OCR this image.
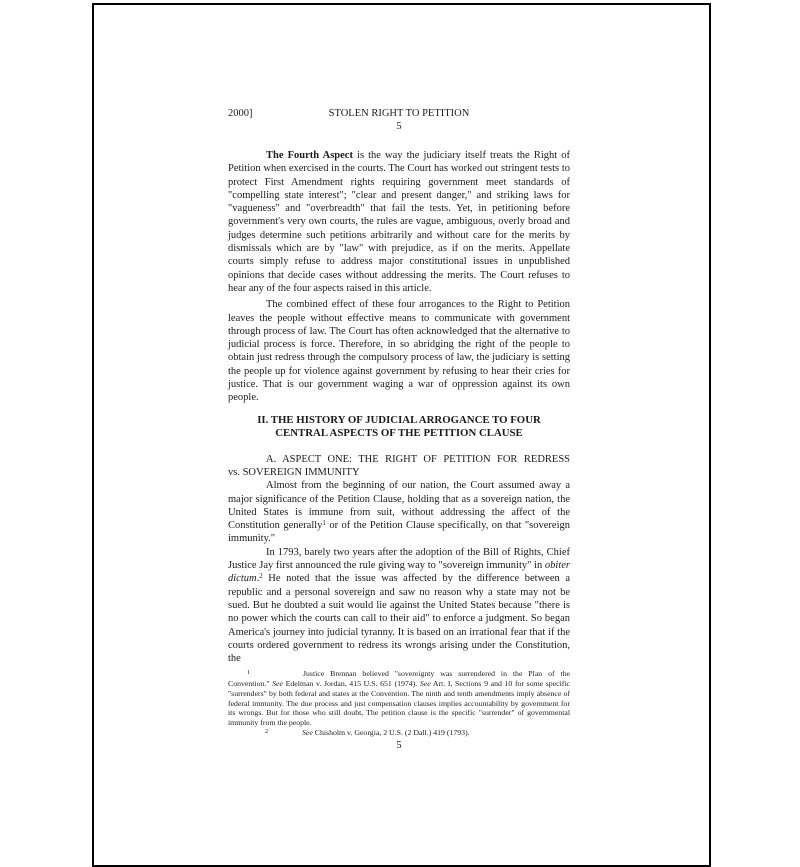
2000]	STOLEN RIGHT TO PETITION
5

The Fourth Aspect is the way the judiciary itself treats the Right of Petition when exercised in the courts. The Court has worked out stringent tests to protect First Amendment rights requiring government meet standards of "compelling state interest"; "clear and present danger," and striking laws for "vagueness" and "overbreadth" that fail the tests. Yet, in petitioning before government's very own courts, the rules are vague, ambiguous, overly broad and judges determine such petitions arbitrarily and without care for the merits by dismissals which are by "law" with prejudice, as if on the merits. Appellate courts simply refuse to address major constitutional issues in unpublished opinions that decide cases without addressing the merits. The Court refuses to hear any of the four aspects raised in this article.

The combined effect of these four arrogances to the Right to Petition leaves the people without effective means to communicate with government through process of law. The Court has often acknowledged that the alternative to judicial process is force. Therefore, in so abridging the right of the people to obtain just redress through the compulsory process of law, the judiciary is setting the people up for violence against government by refusing to hear their cries for justice. That is our government waging a war of oppression against its own people.

II. THE HISTORY OF JUDICIAL ARROGANCE TO FOUR
CENTRAL ASPECTS OF THE PETITION CLAUSE
A. ASPECT ONE: THE RIGHT OF PETITION FOR REDRESS
vs. SOVEREIGN IMMUNITY

Almost from the beginning of our nation, the Court assumed away a major significance of the Petition Clause, holding that as a sovereign nation, the United States is immune from suit, without addressing the affect of the Constitution generally$^1$ or of the Petition Clause specifically, on that "sovereign immunity."

In 1793, barely two years after the adoption of the Bill of Rights, Chief Justice Jay first announced the rule giving way to "sovereign immunity" in obiter dictum.$^2$ He noted that the issue was affected by the difference between a republic and a personal sovereign and saw no reason why a state may not be sued. But he doubted a suit would lie against the United States because "there is no power which the courts can call to their aid" to enforce a judgment. So began America's journey into judicial tyranny. It is based on an irrational fear that if the courts ordered government to redress its wrongs arising under the Constitution, the

$^1$	Justice Brennan believed "sovereignty was surrendered in the Plan of the Convention." See Edelman v. Jordan, 415 U.S. 651 (1974). See Art. I, Sections 9 and 10 for some specific "surrenders" by both federal and states at the Convention. The ninth and tenth amendments imply absence of federal immunity. The due process and just compensation clauses implies accountability by government for its wrongs. But for those who still doubt, The petition clause is the specific "surrender" of governmental immunity from the people.

$^2$	See Chisholm v. Georgia, 2 U.S. (2 Dall.) 419 (1793).

5
